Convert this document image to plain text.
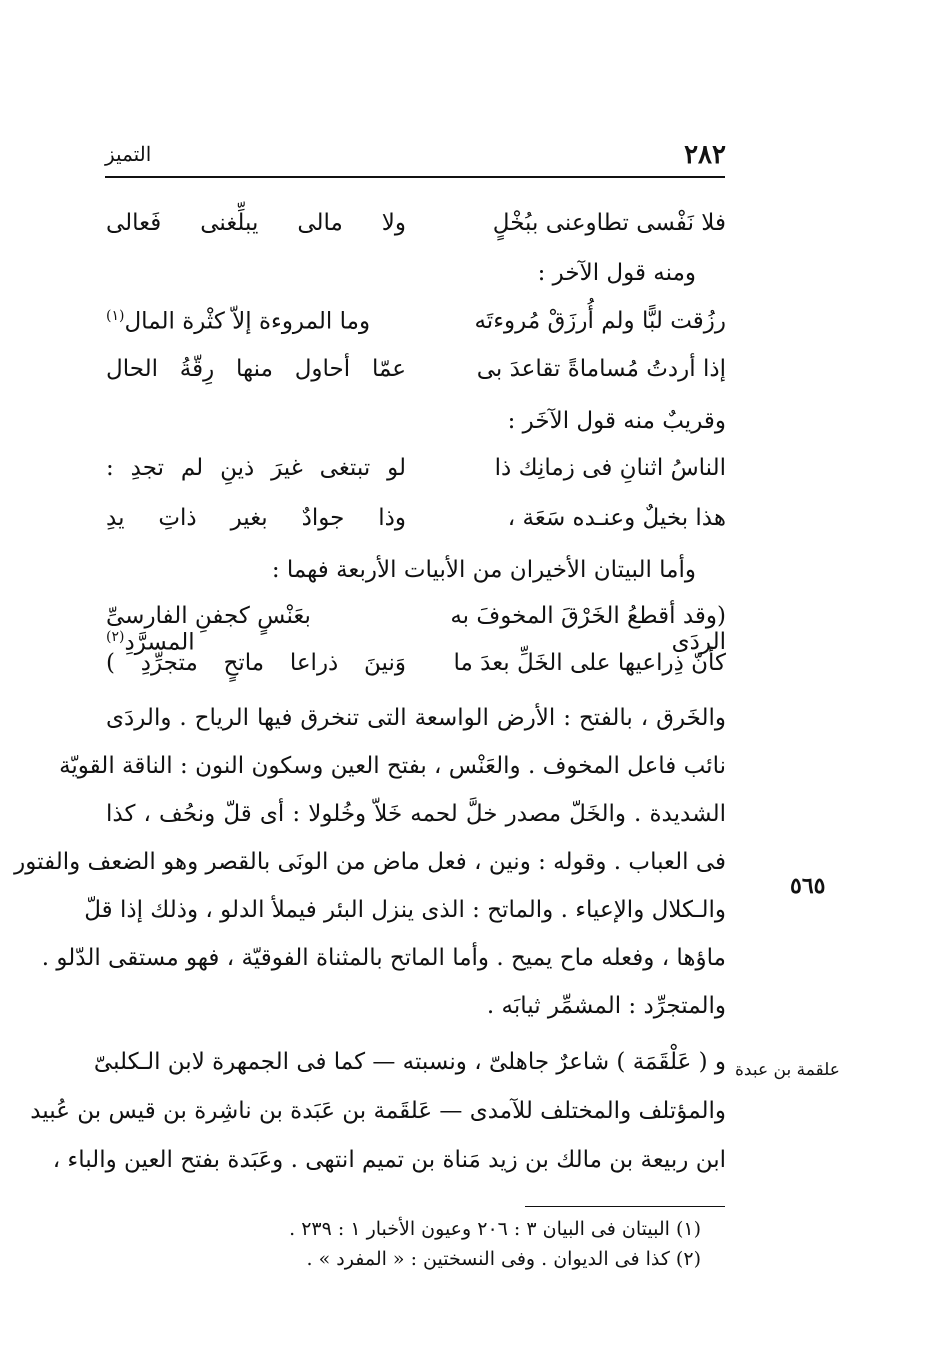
٢٨٢
التميز
فلا نَفْسى تطاوعنى ببُخْلٍ
ولا مالى يبلِّغنى فَعالى
ومنه قول الآخر :
رزُقت لبًّا ولم أُرزَقْ مُروءتَه
وما المروءة إلاّ كثْرة المال$^{(١)}$
إذا أردتُ مُساماةً تقاعدَ بى
عمّا أحاول منها رِقّةُ الحال
وقريبٌ منه قول الآخَر :
الناسُ اثنانِ فى زمانِك ذا
لو تبتغى غيرَ ذينِ لم تجدِ :
هذا بخيلٌ وعنـده سَعَة ،
وذا جوادٌ بغير ذاتِ يدِ
وأما البيتان الأخيران من الأبيات الأربعة فهما :
(وقد أقطعُ الخَرْقَ المخوفَ به الردَى
بعَنْسٍ كجفنِ الفارسىِّ المسرَّدِ$^{(٢)}$
كأنّ ذِراعيها على الخَلِّ بعدَ ما
وَنينَ ذراعا ماتحٍ متجرِّدِ )
والخَرق ، بالفتح : الأرض الواسعة التى تنخرق فيها الرياح . والردَى
نائب فاعل المخوف . والعَنْس ، بفتح العين وسكون النون : الناقة القويّة
الشديدة . والخَلّ مصدر خلَّ لحمه خَلاّ وخُلولا : أى قلّ ونحُف ، كذا
فى العباب . وقوله : ونين ، فعل ماض من الونَى بالقصر وهو الضعف والفتور
والـكلال والإعياء . والماتح : الذى ينزل البئر فيملأ الدلو ، وذلك إذا قلّ
ماؤها ، وفعله ماح يميح . وأما الماتح بالمثناة الفوقيّة ، فهو مستقى الدّلو .
والمتجرِّد : المشمِّر ثيابَه .
٥٦٥
علقمة بن عبدة
و ( عَلْقَمَة ) شاعرٌ جاهلىّ ، ونسبته — كما فى الجمهرة لابن الـكلبىّ
والمؤتلف والمختلف للآمدى — عَلقَمة بن عَبَدة بن ناشِرة بن قيس بن عُبيد
ابن ربيعة بن مالك بن زيد مَناة بن تميم انتهى . وعَبَدة بفتح العين والباء ،
(١) البيتان فى البيان ٣ : ٢٠٦ وعيون الأخبار ١ : ٢٣٩ .
(٢) كذا فى الديوان . وفى النسختين : « المفرد » .
